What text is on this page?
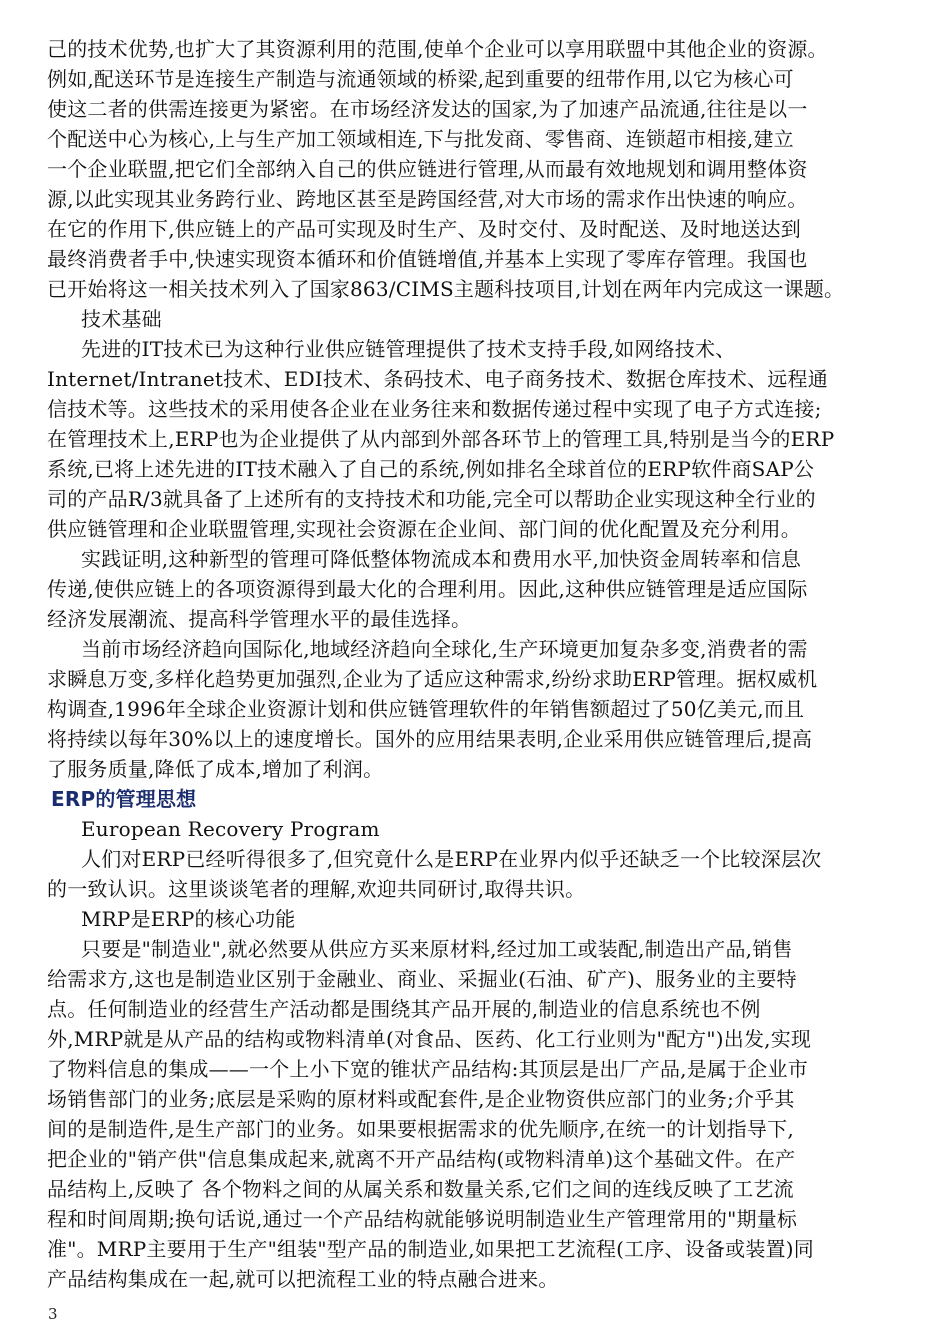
己的技术优势,也扩大了其资源利用的范围,使单个企业可以享用联盟中其他企业的资源。

例如,配送环节是连接生产制造与流通领域的桥梁,起到重要的纽带作用,以它为核心可

使这二者的供需连接更为紧密。在市场经济发达的国家,为了加速产品流通,往往是以一

个配送中心为核心,上与生产加工领域相连,下与批发商、零售商、连锁超市相接,建立

一个企业联盟,把它们全部纳入自己的供应链进行管理,从而最有效地规划和调用整体资

源,以此实现其业务跨行业、跨地区甚至是跨国经营,对大市场的需求作出快速的响应。

在它的作用下,供应链上的产品可实现及时生产、及时交付、及时配送、及时地送达到

最终消费者手中,快速实现资本循环和价值链增值,并基本上实现了零库存管理。我国也

已开始将这一相关技术列入了国家863/CIMS主题科技项目,计划在两年内完成这一课题。

技术基础

先进的IT技术已为这种行业供应链管理提供了技术支持手段,如网络技术、

Internet/Intranet技术、EDI技术、条码技术、电子商务技术、数据仓库技术、远程通

信技术等。这些技术的采用使各企业在业务往来和数据传递过程中实现了电子方式连接;

在管理技术上,ERP也为企业提供了从内部到外部各环节上的管理工具,特别是当今的ERP

系统,已将上述先进的IT技术融入了自己的系统,例如排名全球首位的ERP软件商SAP公

司的产品R/3就具备了上述所有的支持技术和功能,完全可以帮助企业实现这种全行业的

供应链管理和企业联盟管理,实现社会资源在企业间、部门间的优化配置及充分利用。

实践证明,这种新型的管理可降低整体物流成本和费用水平,加快资金周转率和信息

传递,使供应链上的各项资源得到最大化的合理利用。因此,这种供应链管理是适应国际

经济发展潮流、提高科学管理水平的最佳选择。

当前市场经济趋向国际化,地域经济趋向全球化,生产环境更加复杂多变,消费者的需

求瞬息万变,多样化趋势更加强烈,企业为了适应这种需求,纷纷求助ERP管理。据权威机

构调查,1996年全球企业资源计划和供应链管理软件的年销售额超过了50亿美元,而且

将持续以每年30%以上的速度增长。国外的应用结果表明,企业采用供应链管理后,提高

了服务质量,降低了成本,增加了利润。

ERP的管理思想

European Recovery Program

人们对ERP已经听得很多了,但究竟什么是ERP在业界内似乎还缺乏一个比较深层次

的一致认识。这里谈谈笔者的理解,欢迎共同研讨,取得共识。

MRP是ERP的核心功能

只要是"制造业",就必然要从供应方买来原材料,经过加工或装配,制造出产品,销售

给需求方,这也是制造业区别于金融业、商业、采掘业(石油、矿产)、服务业的主要特

点。任何制造业的经营生产活动都是围绕其产品开展的,制造业的信息系统也不例

外,MRP就是从产品的结构或物料清单(对食品、医药、化工行业则为"配方")出发,实现

了物料信息的集成——一个上小下宽的锥状产品结构:其顶层是出厂产品,是属于企业市

场销售部门的业务;底层是采购的原材料或配套件,是企业物资供应部门的业务;介乎其

间的是制造件,是生产部门的业务。如果要根据需求的优先顺序,在统一的计划指导下,

把企业的"销产供"信息集成起来,就离不开产品结构(或物料清单)这个基础文件。在产

品结构上,反映了 各个物料之间的从属关系和数量关系,它们之间的连线反映了工艺流

程和时间周期;换句话说,通过一个产品结构就能够说明制造业生产管理常用的"期量标

准"。MRP主要用于生产"组装"型产品的制造业,如果把工艺流程(工序、设备或装置)同

产品结构集成在一起,就可以把流程工业的特点融合进来。

3
